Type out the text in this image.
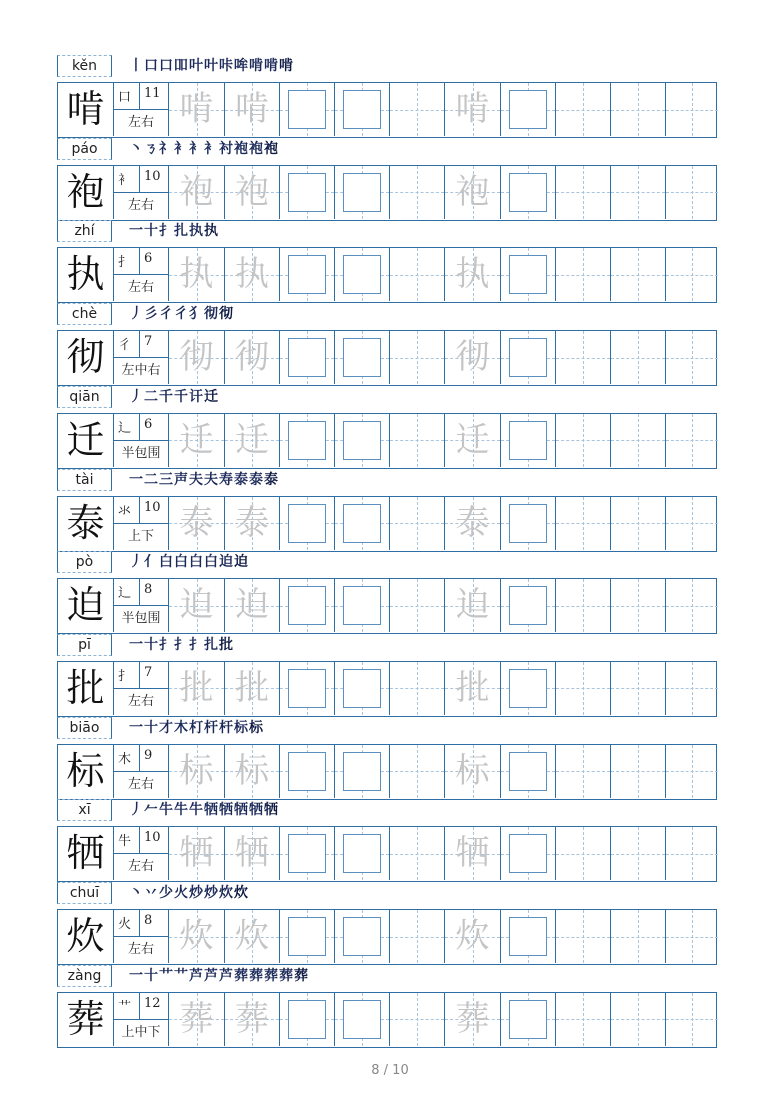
kěn	丨口口吅叶叶咔哞啃啃啃
啃	口 11
左右 啃 啃	啃
páo	丶ㄋ礻衤衤衤衬袍袍袍
袍	衤 10
左右 袍 袍	袍
zhí	一十扌扎执执
执	扌 6
左右 执 执	执
chè	丿彡彳彳犭彻彻
彻	彳 7
左中右 彻 彻	彻
qiān	丿二千千讦迁
迁	辶 6
半包围 迁 迁	迁
tài	一二三声夫夫寿泰泰泰
泰	氺 10
上下 泰 泰	泰
pò	丿亻白白白白迫迫
迫	辶 8
半包围 迫 迫	迫
pī	一十扌扌扌扎批
批	扌 7
左右 批 批	批
biāo	一十才木朾杆杆标标
标	木 9
左右 标 标	标
xī	丿𠂉牛牛牛牺牺牺牺牺
牺	牛 10
左右 牺 牺	牺
chuī	丶丷少火炒炒炊炊
炊	火 8
左右 炊 炊	炊
zàng	一十艹艹芦芦芦葬葬葬葬葬
葬	艹 12
上中下 葬 葬	葬
8 / 10
